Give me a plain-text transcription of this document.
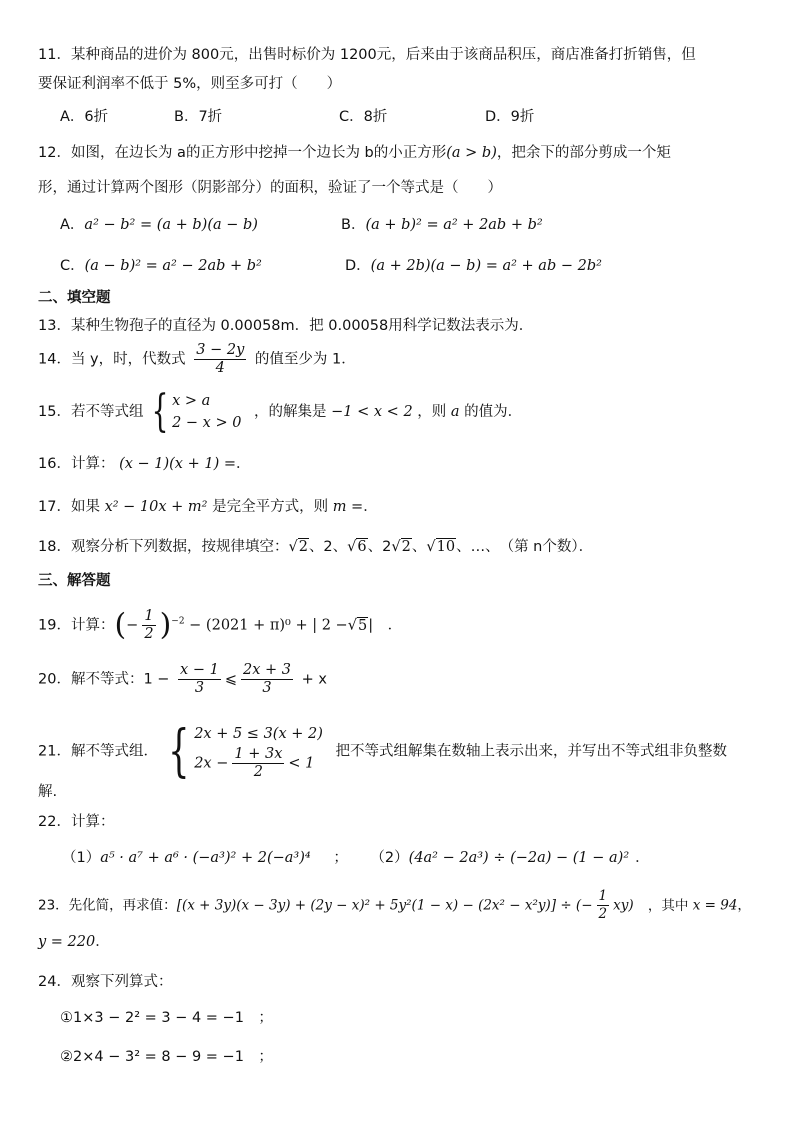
11．某种商品的进价为 800元，出售时标价为 1200元，后来由于该商品积压，商店准备打折销售，但
要保证利润率不低于 5%，则至多可打（　　）
A．6折	B．7折	C．8折	D．9折
12．如图，在边长为 a的正方形中挖掉一个边长为 b的小正方形(a > b)，把余下的部分剪成一个矩
形，通过计算两个图形（阴影部分）的面积，验证了一个等式是（　　）
A．a² − b² = (a + b)(a − b)	B．(a + b)² = a² + 2ab + b²
C．(a − b)² = a² − 2ab + b²	D．(a + 2b)(a − b) = a² + ab − 2b²
二、填空题
13．某种生物孢子的直径为 0.00058m．把 0.00058用科学记数法表示为．
14．当 y，时，代数式 $\frac{3 - 2y}{4}$ 的值至少为 1．
15．若不等式组 { x > a
2 − x > 0
，的解集是 −1 < x < 2 ，则 a 的值为．
16．计算： (x − 1)(x + 1) =．
17．如果 x² − 10x + m² 是完全平方式，则 m =．
18．观察分析下列数据，按规律填空：√2、2、√6、2√2、√10、…、　（第 n个数）．
三、解答题
19．计算：(− $\frac{1}{2} )^{-2} - (2021 + \pi)^0$ + | 2 −√5|　．
20．解不等式：$1 - \frac{x - 1}{3}$ ⩽ $\frac{2x + 3}{3} + x$
21．解不等式组． { 2x + 5 ≤ 3(x + 2)
$2x - \frac{1 + 3x}{2} < 1$
把不等式组解集在数轴上表示出来，并写出不等式组非负整数
解.
22．计算：
（1）a⁵ · a⁷ + a⁶ · (−a³)² + 2(−a³)⁴ ； （2）(4a² − 2a³) ÷ (−2a) − (1 − a)² ．
23．先化简，再求值：[(x + 3y)(x − 3y) + (2y − x)² + 5y²(1 − x) − (2x² − x²y)] ÷ (− $\frac{1}{2} xy$) ，其中 x = 94，
y = 220．
24．观察下列算式：
①1×3 − 2² = 3 − 4 = −1　；
②2×4 − 3² = 8 − 9 = −1　；
